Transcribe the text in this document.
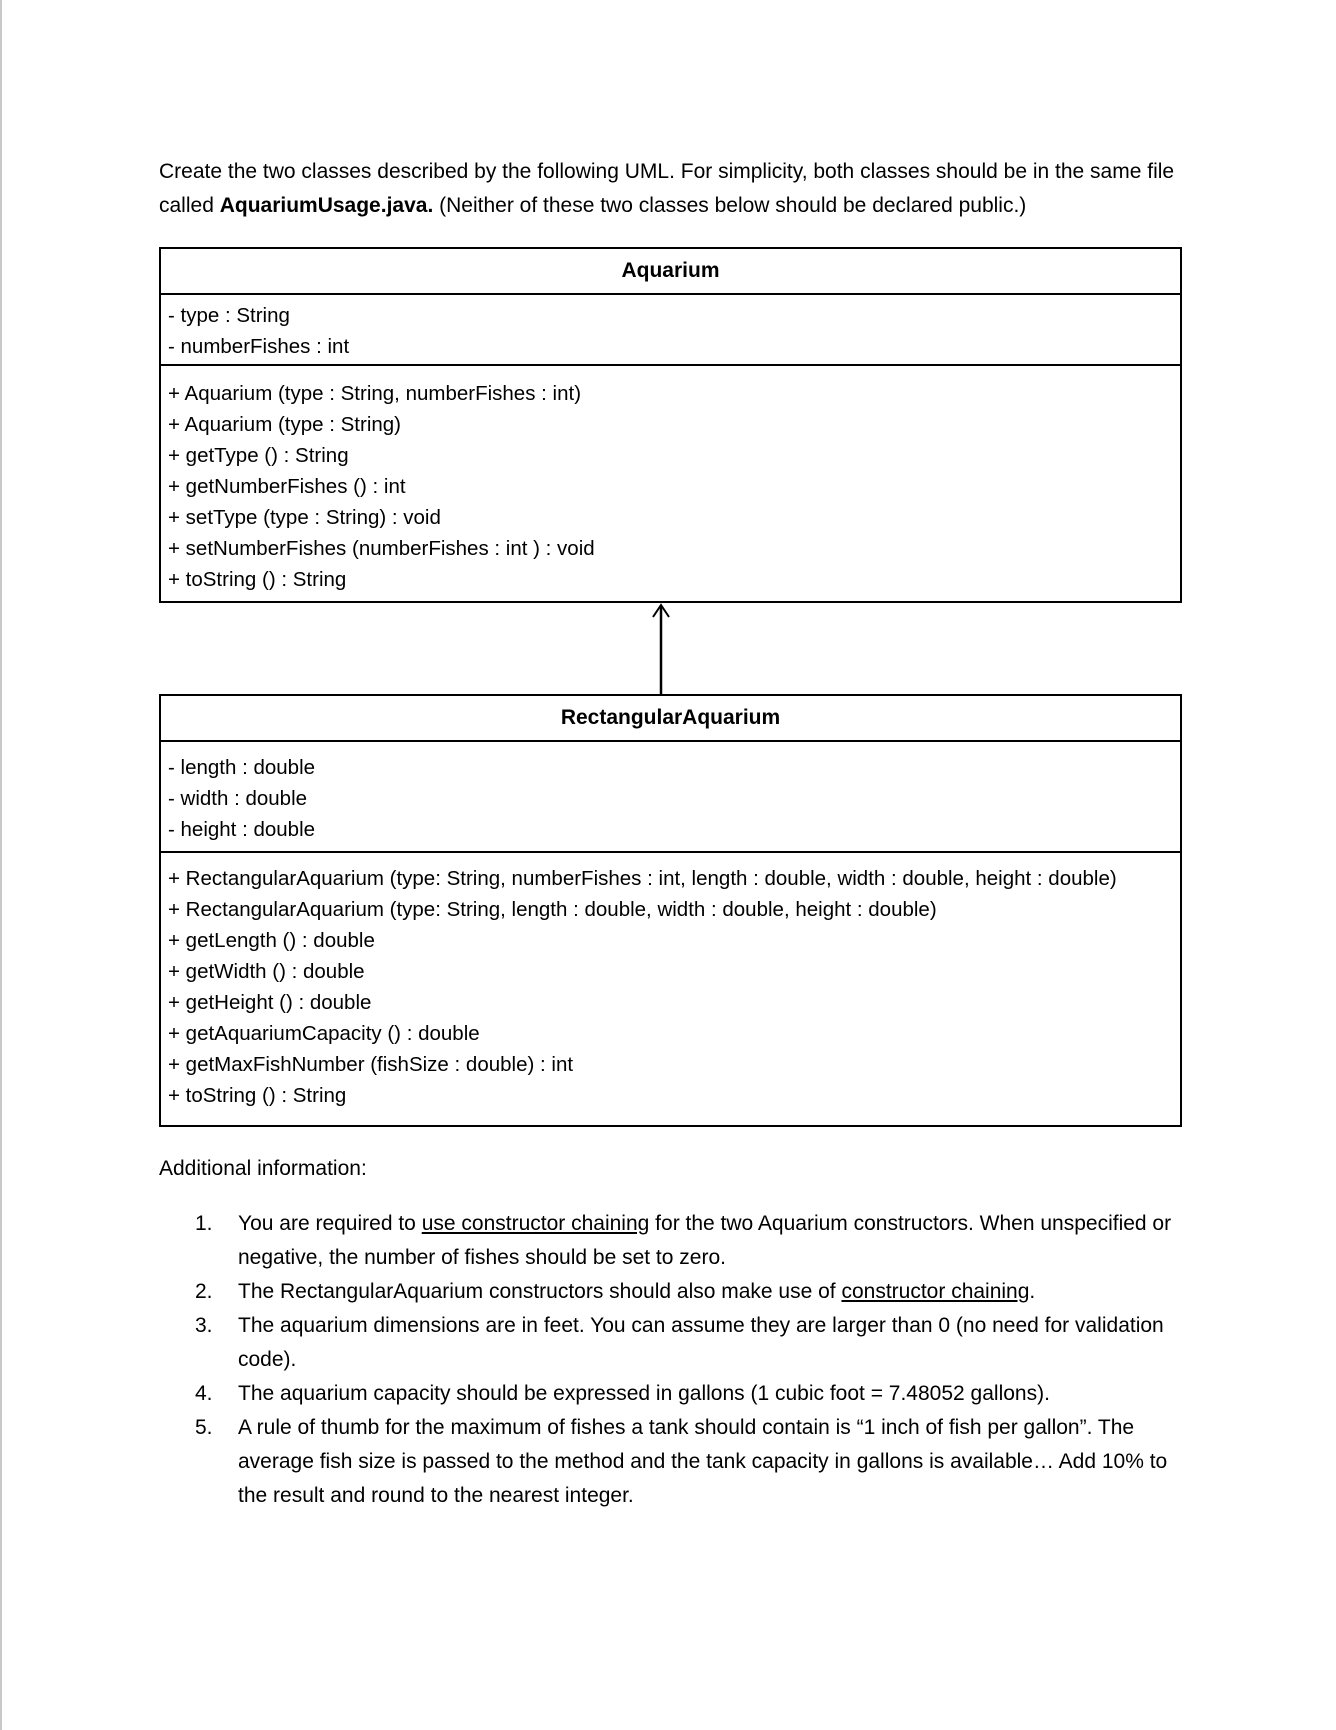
Create the two classes described by the following UML. For simplicity, both classes should be in the same file called AquariumUsage.java. (Neither of these two classes below should be declared public.)

Aquarium
- type : String
- numberFishes : int
+ Aquarium (type : String, numberFishes : int)
+ Aquarium (type : String)
+ getType () : String
+ getNumberFishes () : int
+ setType (type : String) : void
+ setNumberFishes (numberFishes : int ) : void
+ toString () : String
RectangularAquarium
- length : double
- width : double
- height : double
+ RectangularAquarium (type: String, numberFishes : int, length : double, width : double, height : double)
+ RectangularAquarium (type: String, length : double, width : double, height : double)
+ getLength () : double
+ getWidth () : double
+ getHeight () : double
+ getAquariumCapacity () : double
+ getMaxFishNumber (fishSize : double) : int
+ toString () : String

Additional information:

1. You are required to use constructor chaining for the two Aquarium constructors. When unspecified or negative, the number of fishes should be set to zero.
2. The RectangularAquarium constructors should also make use of constructor chaining.
3. The aquarium dimensions are in feet. You can assume they are larger than 0 (no need for validation code).
4. The aquarium capacity should be expressed in gallons (1 cubic foot = 7.48052 gallons).
5. A rule of thumb for the maximum of fishes a tank should contain is “1 inch of fish per gallon”. The average fish size is passed to the method and the tank capacity in gallons is available… Add 10% to the result and round to the nearest integer.
